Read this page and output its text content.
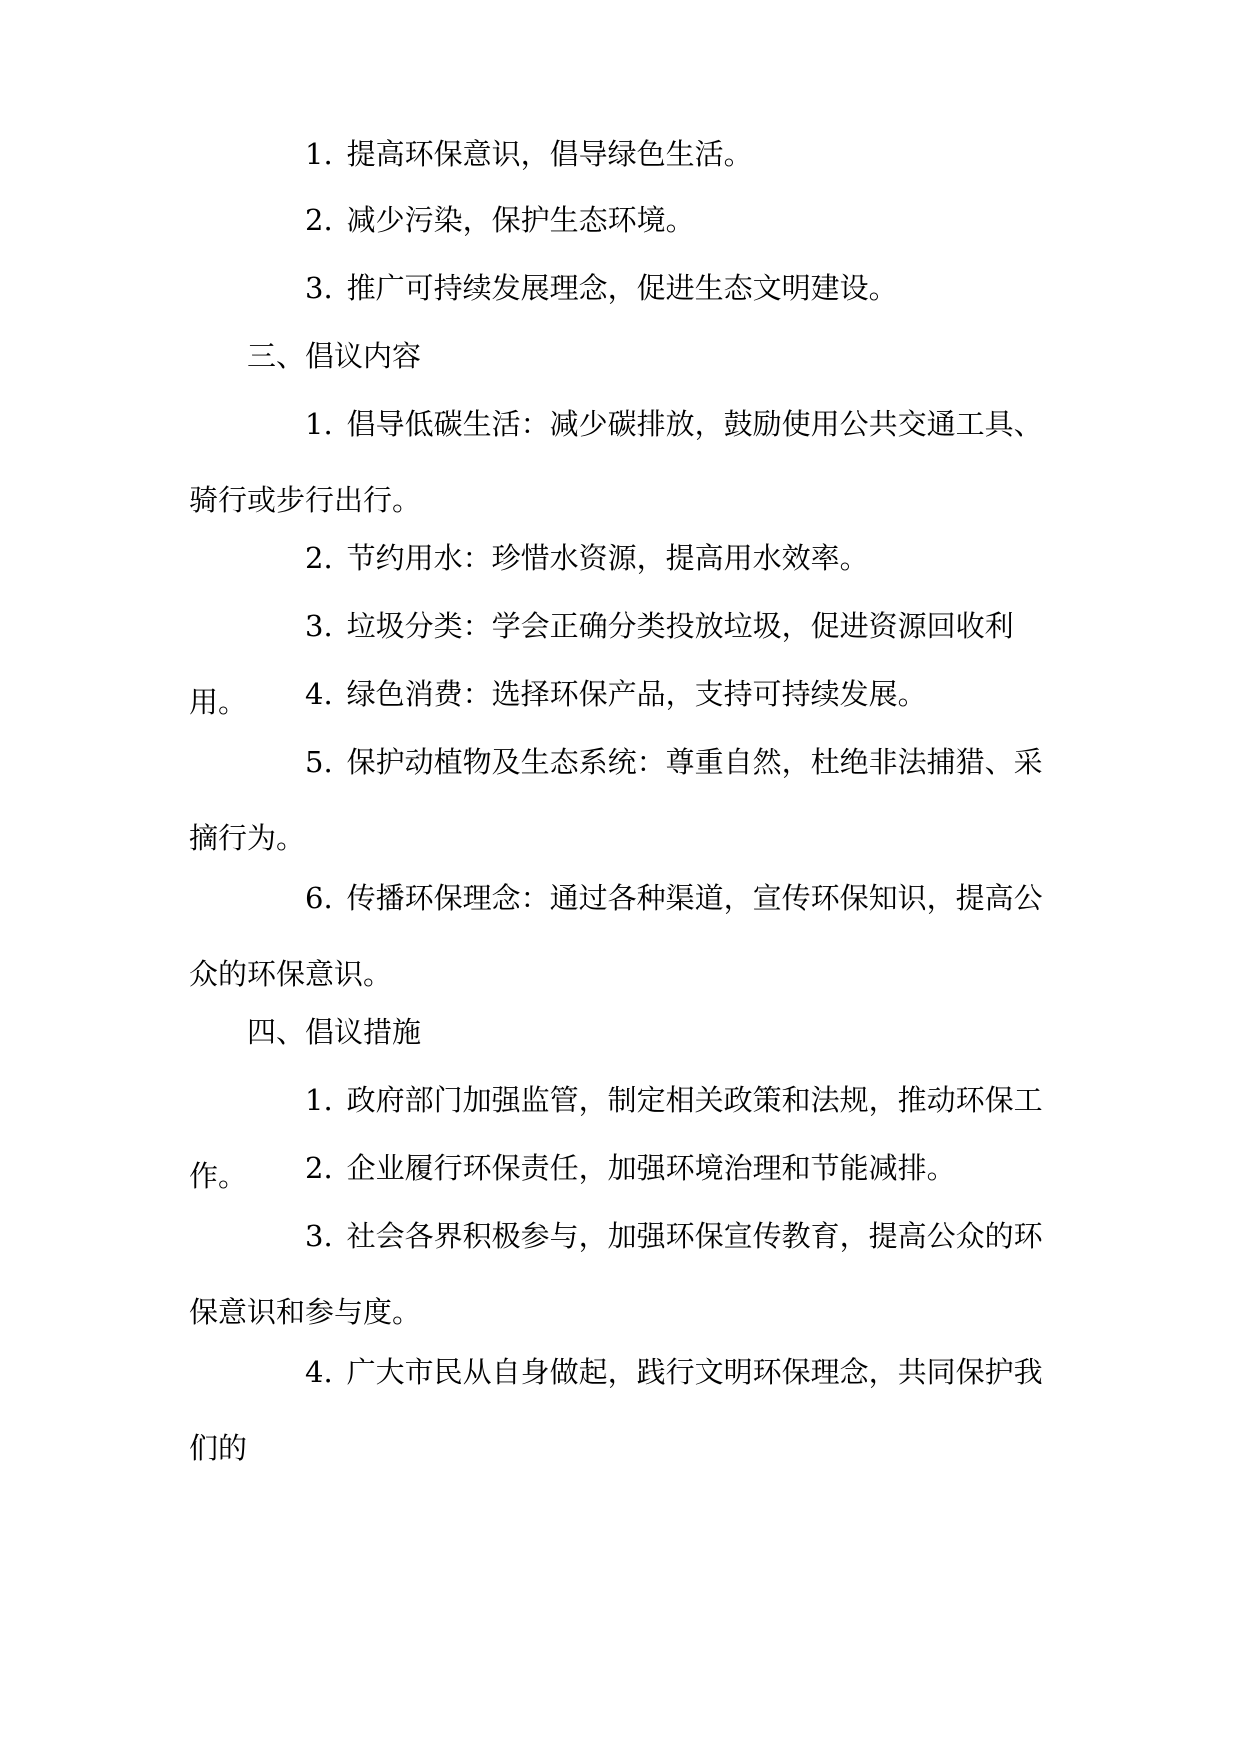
1. 提高环保意识，倡导绿色生活。

2. 减少污染，保护生态环境。

3. 推广可持续发展理念，促进生态文明建设。

三、倡议内容

1. 倡导低碳生活：减少碳排放，鼓励使用公共交通工具、骑行或步行出行。

2. 节约用水：珍惜水资源，提高用水效率。

3. 垃圾分类：学会正确分类投放垃圾，促进资源回收利用。	4. 绿色消费：选择环保产品，支持可持续发展。

5. 保护动植物及生态系统：尊重自然，杜绝非法捕猎、采摘行为。

6. 传播环保理念：通过各种渠道，宣传环保知识，提高公众的环保意识。

四、倡议措施

1. 政府部门加强监管，制定相关政策和法规，推动环保工作。	2. 企业履行环保责任，加强环境治理和节能减排。

3. 社会各界积极参与，加强环保宣传教育，提高公众的环保意识和参与度。

4. 广大市民从自身做起，践行文明环保理念，共同保护我们的
